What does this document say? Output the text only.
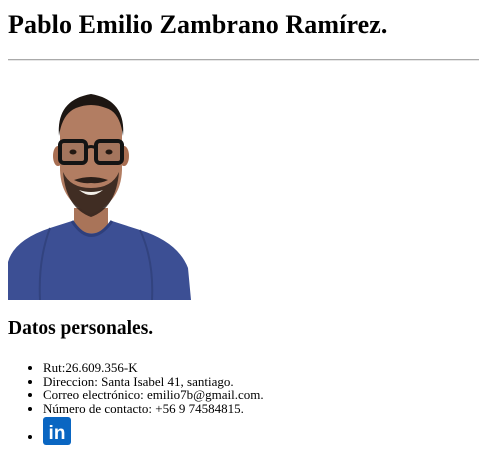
Pablo Emilio Zambrano Ramírez.
Datos personales.
• Rut:26.609.356-K
• Direccion: Santa Isabel 41, santiago.
• Correo electrónico: emilio7b@gmail.com.
• Número de contacto: +56 9 74584815.
• in
